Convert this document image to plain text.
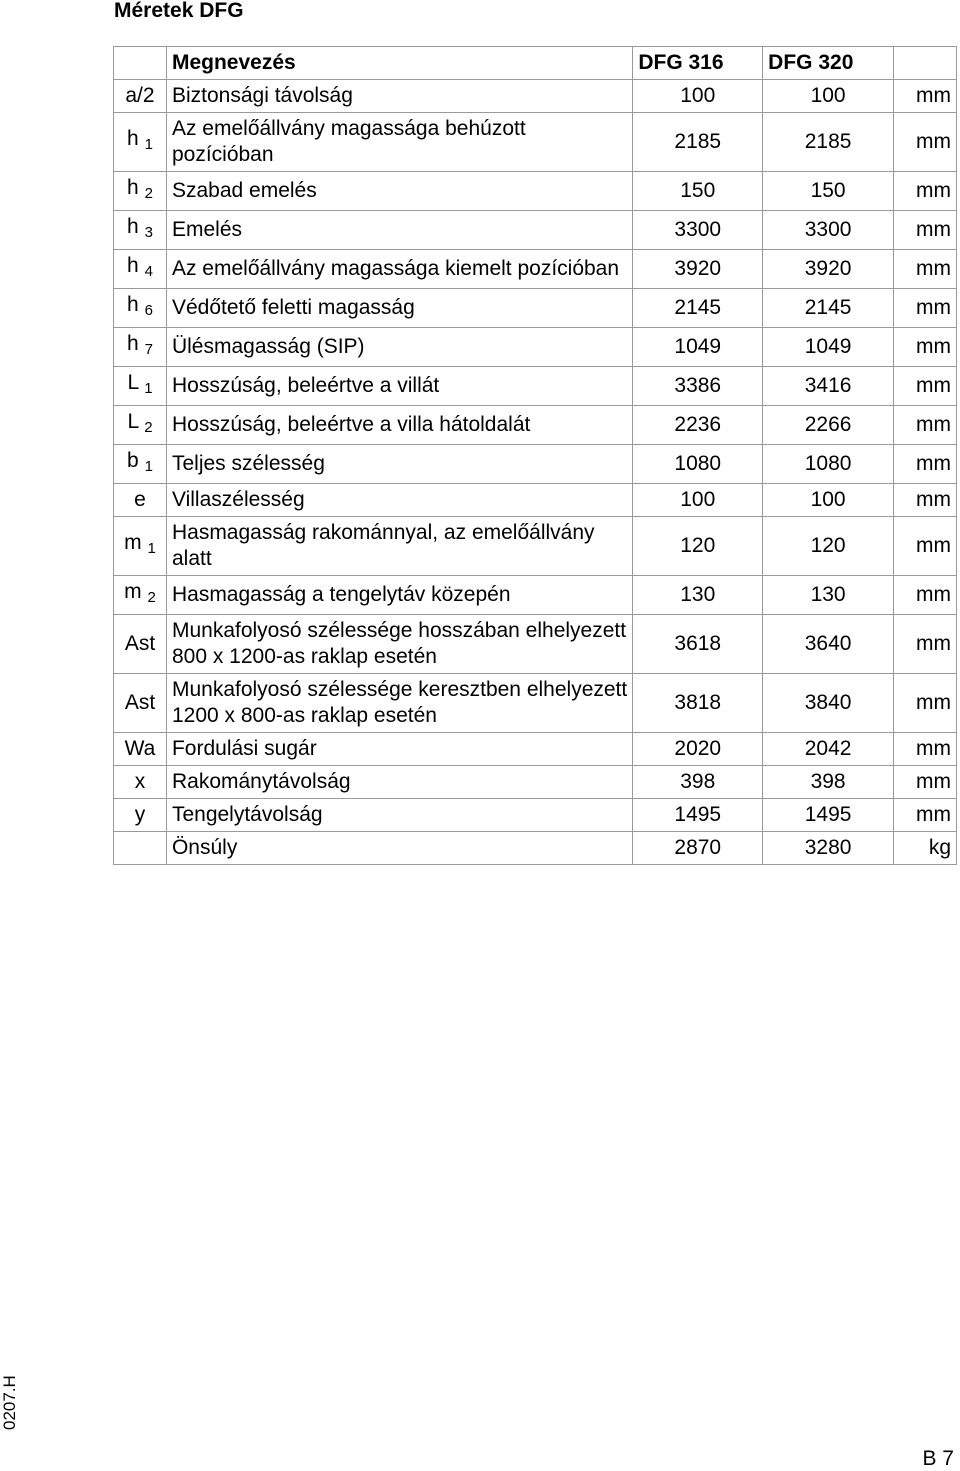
Méretek DFG
	Megnevezés	DFG 316	DFG 320	
a/2	Biztonsági távolság	100	100	mm
h $_1$	Az emelőállvány magassága behúzott pozícióban	2185	2185	mm
h $_2$	Szabad emelés	150	150	mm
h $_3$	Emelés	3300	3300	mm
h $_4$	Az emelőállvány magassága kiemelt pozícióban	3920	3920	mm
h $_6$	Védőtető feletti magasság	2145	2145	mm
h $_7$	Ülésmagasság (SIP)	1049	1049	mm
L $_1$	Hosszúság, beleértve a villát	3386	3416	mm
L $_2$	Hosszúság, beleértve a villa hátoldalát	2236	2266	mm
b $_1$	Teljes szélesség	1080	1080	mm
e	Villaszélesség	100	100	mm
m $_1$	Hasmagasság rakománnyal, az emelőállvány alatt	120	120	mm
m $_2$	Hasmagasság a tengelytáv közepén	130	130	mm
Ast	Munkafolyosó szélessége hosszában elhelyezett 800 x 1200-as raklap esetén	3618	3640	mm
Ast	Munkafolyosó szélessége keresztben elhelyezett 1200 x 800-as raklap esetén	3818	3840	mm
Wa	Fordulási sugár	2020	2042	mm
x	Rakománytávolság	398	398	mm
y	Tengelytávolság	1495	1495	mm
	Önsúly	2870	3280	kg
0207.H
B 7
